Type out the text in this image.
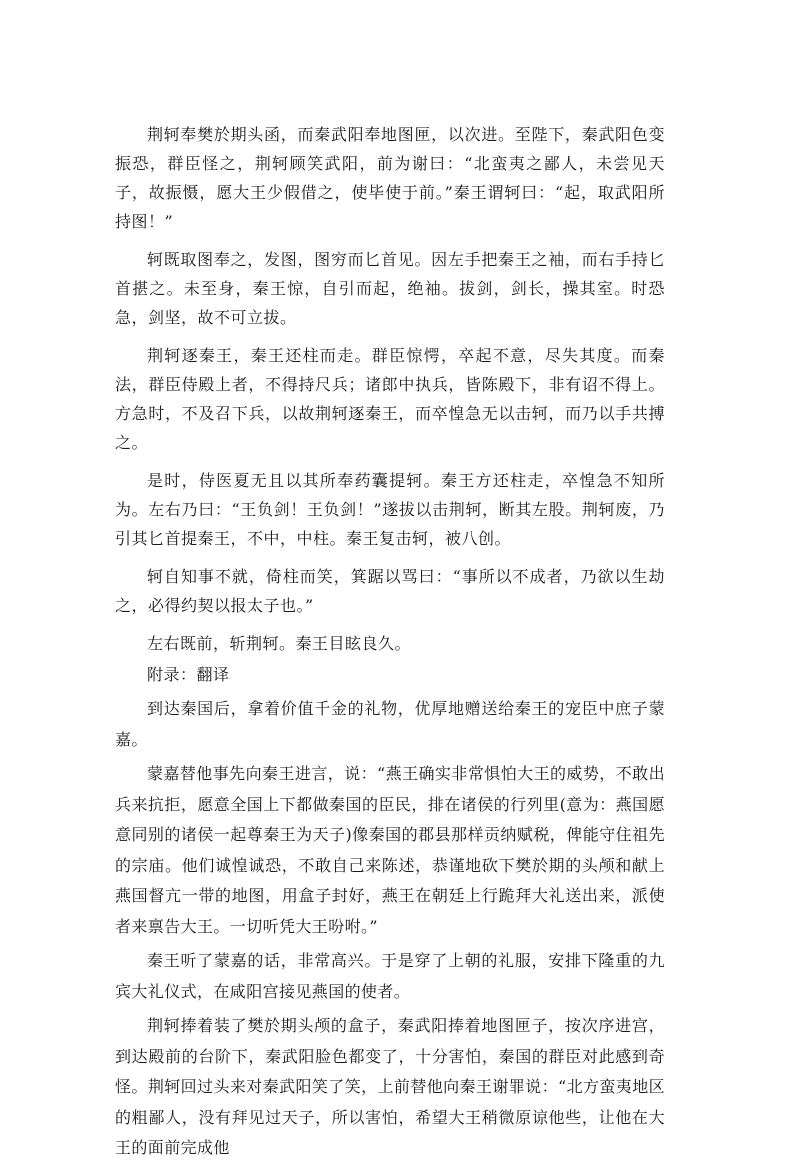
荆轲奉樊於期头函，而秦武阳奉地图匣，以次进。至陛下，秦武阳色变振恐，群臣怪之，荆轲顾笑武阳，前为谢曰：“北蛮夷之鄙人，未尝见天子，故振慑，愿大王少假借之，使毕使于前。”秦王谓轲曰：“起，取武阳所持图！”

轲既取图奉之，发图，图穷而匕首见。因左手把秦王之袖，而右手持匕首揕之。未至身，秦王惊，自引而起，绝袖。拔剑，剑长，操其室。时恐急，剑坚，故不可立拔。

荆轲逐秦王，秦王还柱而走。群臣惊愕，卒起不意，尽失其度。而秦法，群臣侍殿上者，不得持尺兵；诸郎中执兵，皆陈殿下，非有诏不得上。方急时，不及召下兵，以故荆轲逐秦王，而卒惶急无以击轲，而乃以手共搏之。

是时，侍医夏无且以其所奉药囊提轲。秦王方还柱走，卒惶急不知所为。左右乃曰：“王负剑！王负剑！”遂拔以击荆轲，断其左股。荆轲废，乃引其匕首提秦王，不中，中柱。秦王复击轲，被八创。

轲自知事不就，倚柱而笑，箕踞以骂曰：“事所以不成者，乃欲以生劫之，必得约契以报太子也。”

左右既前，斩荆轲。秦王目眩良久。

附录：翻译

到达秦国后，拿着价值千金的礼物，优厚地赠送给秦王的宠臣中庶子蒙嘉。

蒙嘉替他事先向秦王进言，说：“燕王确实非常惧怕大王的威势，不敢出兵来抗拒，愿意全国上下都做秦国的臣民，排在诸侯的行列里(意为：燕国愿意同别的诸侯一起尊秦王为天子)像秦国的郡县那样贡纳赋税，俾能守住祖先的宗庙。他们诚惶诚恐，不敢自己来陈述，恭谨地砍下樊於期的头颅和献上燕国督亢一带的地图，用盒子封好，燕王在朝廷上行跪拜大礼送出来，派使者来禀告大王。一切听凭大王吩咐。”

秦王听了蒙嘉的话，非常高兴。于是穿了上朝的礼服，安排下隆重的九宾大礼仪式，在咸阳宫接见燕国的使者。

荆轲捧着装了樊於期头颅的盒子，秦武阳捧着地图匣子，按次序进宫，到达殿前的台阶下，秦武阳脸色都变了，十分害怕，秦国的群臣对此感到奇怪。荆轲回过头来对秦武阳笑了笑，上前替他向秦王谢罪说：“北方蛮夷地区的粗鄙人，没有拜见过天子，所以害怕，希望大王稍微原谅他些，让他在大王的面前完成他
